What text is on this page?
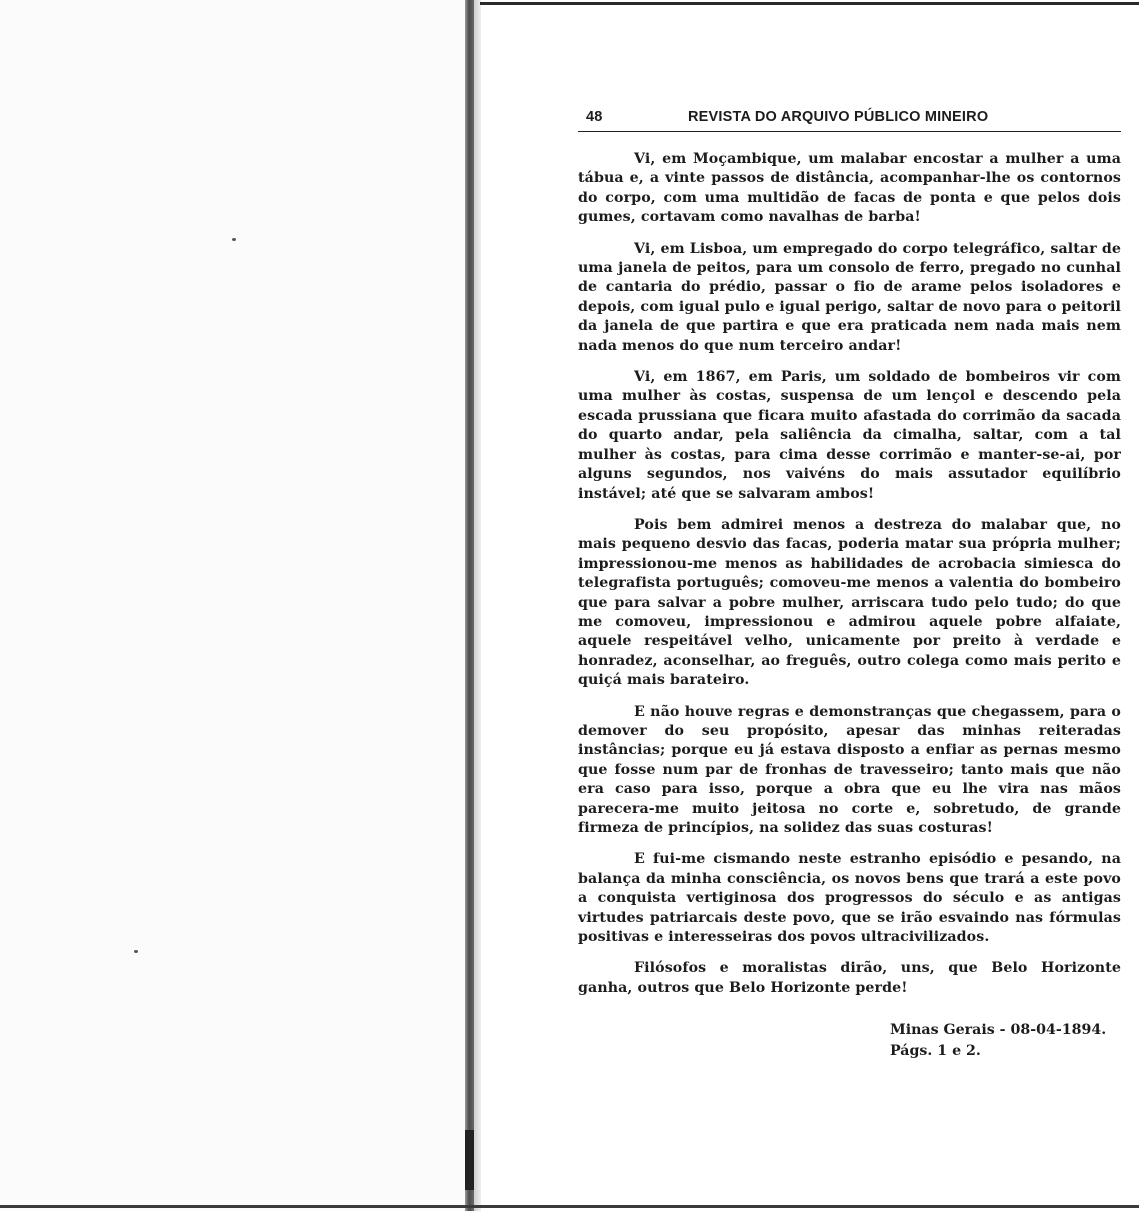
48	REVISTA DO ARQUIVO PÚBLICO MINEIRO

Vi, em Moçambique, um malabar encostar a mulher a uma tábua e, a vinte passos de distância, acompanhar-lhe os contornos do corpo, com uma multidão de facas de ponta e que pelos dois gumes, cortavam como navalhas de barba!

Vi, em Lisboa, um empregado do corpo telegráfico, saltar de uma janela de peitos, para um consolo de ferro, pregado no cunhal de cantaria do prédio, passar o fio de arame pelos isoladores e depois, com igual pulo e igual perigo, saltar de novo para o peitoril da janela de que partira e que era praticada nem nada mais nem nada menos do que num terceiro andar!

Vi, em 1867, em Paris, um soldado de bombeiros vir com uma mulher às costas, suspensa de um lençol e descendo pela escada prussiana que ficara muito afastada do corrimão da sacada do quarto andar, pela saliência da cimalha, saltar, com a tal mulher às costas, para cima desse corrimão e manter-se-ai, por alguns segundos, nos vaivéns do mais assutador equilíbrio instável; até que se salvaram ambos!

Pois bem admirei menos a destreza do malabar que, no mais pequeno desvio das facas, poderia matar sua própria mulher; impressionou-me menos as habilidades de acrobacia simiesca do telegrafista português; comoveu-me menos a valentia do bombeiro que para salvar a pobre mulher, arriscara tudo pelo tudo; do que me comoveu, impressionou e admirou aquele pobre alfaiate, aquele respeitável velho, unicamente por preito à verdade e honradez, aconselhar, ao freguês, outro colega como mais perito e quiçá mais barateiro.

E não houve regras e demonstranças que chegassem, para o demover do seu propósito, apesar das minhas reiteradas instâncias; porque eu já estava disposto a enfiar as pernas mesmo que fosse num par de fronhas de travesseiro; tanto mais que não era caso para isso, porque a obra que eu lhe vira nas mãos parecera-me muito jeitosa no corte e, sobretudo, de grande firmeza de princípios, na solidez das suas costuras!

E fui-me cismando neste estranho episódio e pesando, na balança da minha consciência, os novos bens que trará a este povo a conquista vertiginosa dos progressos do século e as antigas virtudes patriarcais deste povo, que se irão esvaindo nas fórmulas positivas e interesseiras dos povos ultracivilizados.

Filósofos e moralistas dirão, uns, que Belo Horizonte ganha, outros que Belo Horizonte perde!

Minas Gerais - 08-04-1894.
Págs. 1 e 2.
